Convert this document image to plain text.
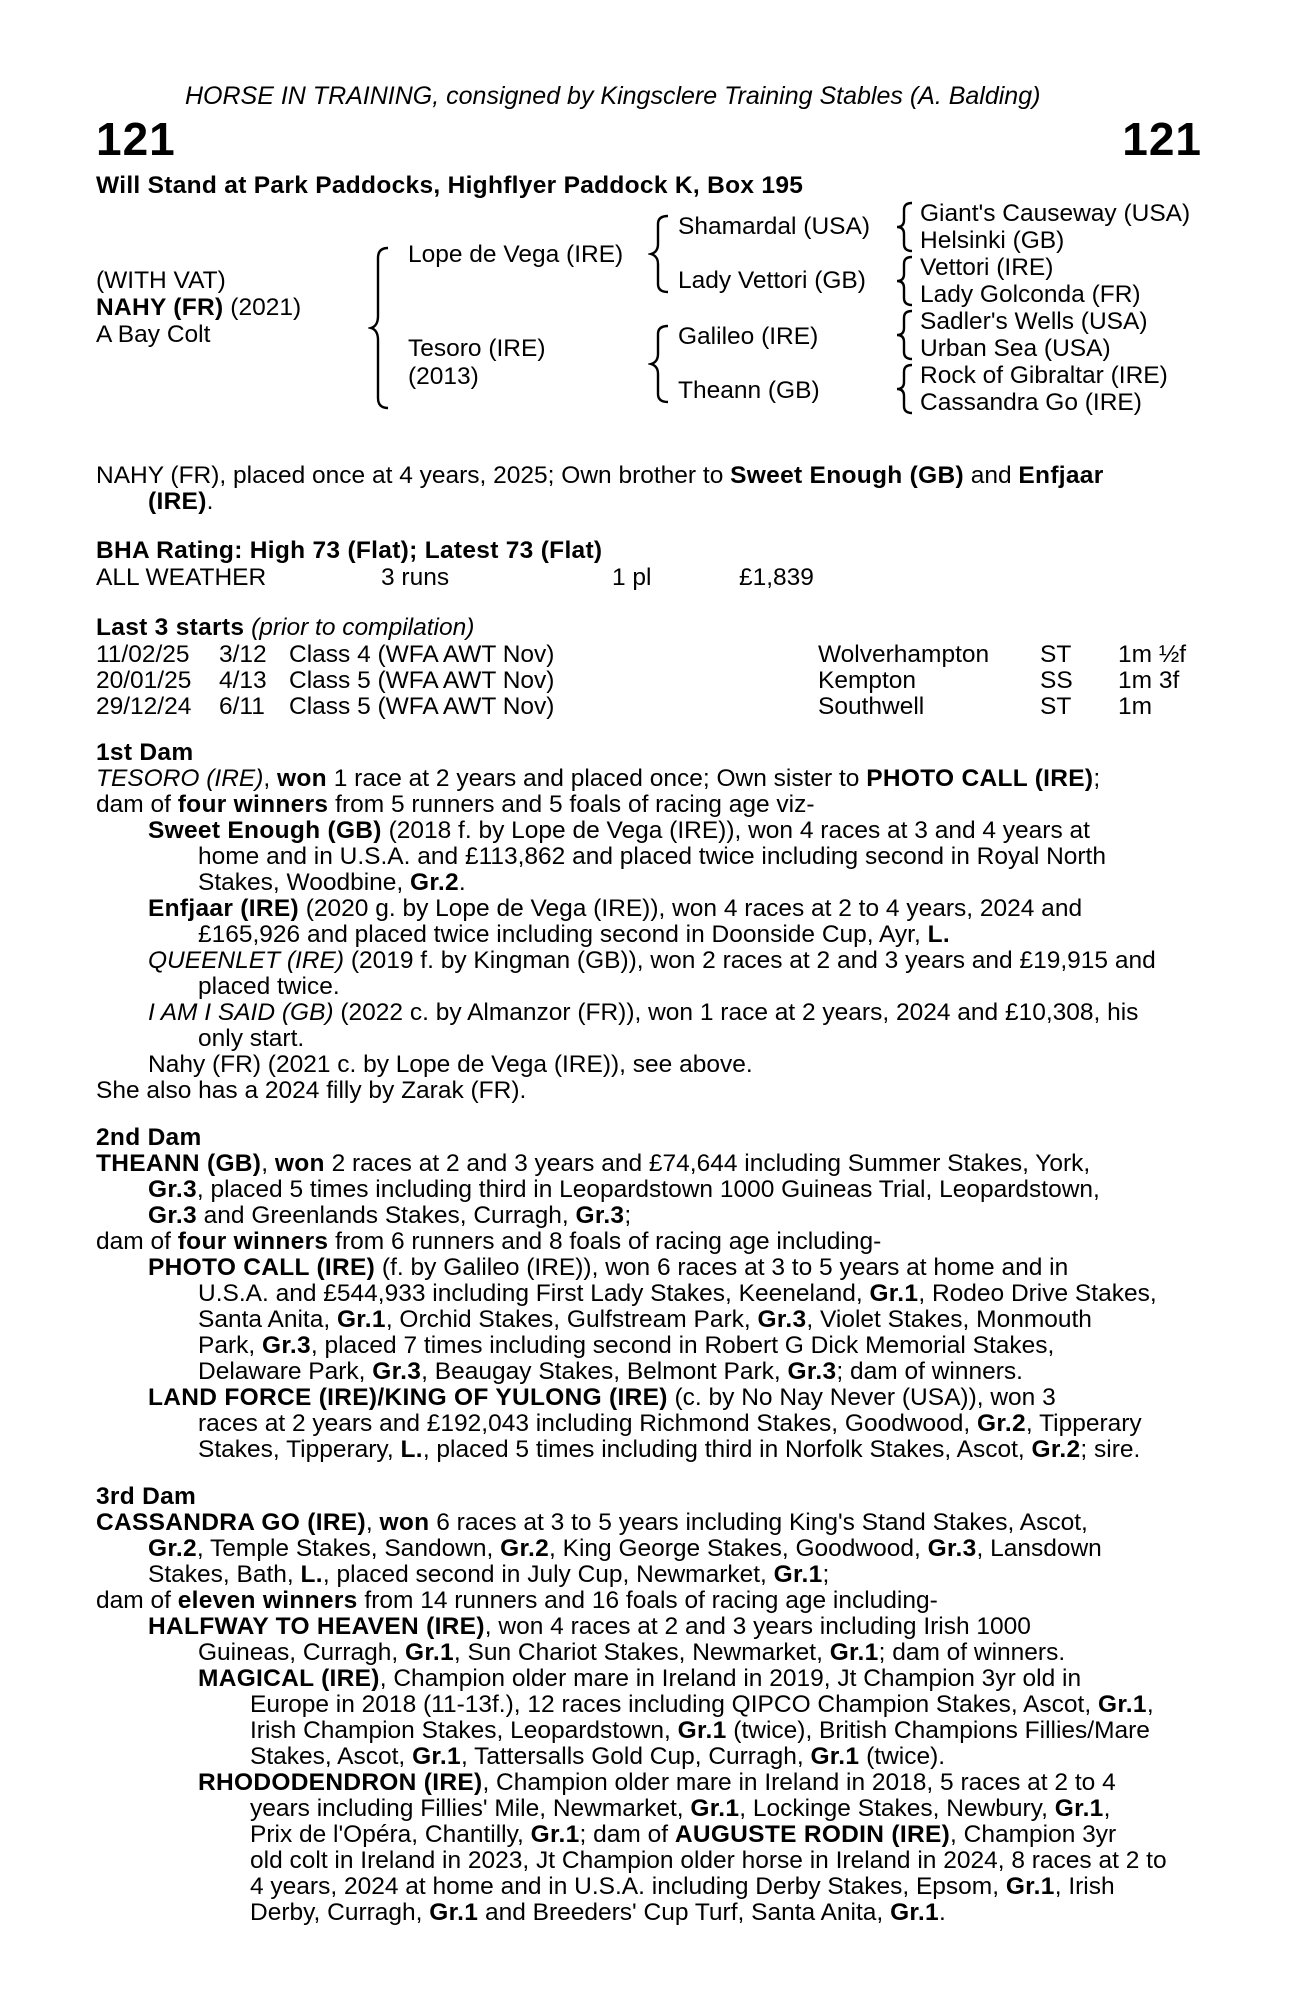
HORSE IN TRAINING, consigned by Kingsclere Training Stables (A. Balding)
121	121
Will Stand at Park Paddocks, Highflyer Paddock K, Box 195
(WITH VAT)
NAHY (FR) (2021)
A Bay Colt
Lope de Vega (IRE)
Tesoro (IRE)
(2013)
Shamardal (USA)
Lady Vettori (GB)
Galileo (IRE)
Theann (GB)
Giant's Causeway (USA)
Helsinki (GB)
Vettori (IRE)
Lady Golconda (FR)
Sadler's Wells (USA)
Urban Sea (USA)
Rock of Gibraltar (IRE)
Cassandra Go (IRE)
NAHY (FR), placed once at 4 years, 2025; Own brother to Sweet Enough (GB) and Enfjaar
(IRE).
BHA Rating: High 73 (Flat); Latest 73 (Flat)
ALL WEATHER	3 runs	1 pl	£1,839
Last 3 starts (prior to compilation)
11/02/25 3/12 Class 4 (WFA AWT Nov)	Wolverhampton ST 1m ½f
20/01/25 4/13 Class 5 (WFA AWT Nov)	Kempton	SS 1m 3f
29/12/24 6/11 Class 5 (WFA AWT Nov)	Southwell	ST 1m
1st Dam
TESORO (IRE), won 1 race at 2 years and placed once; Own sister to PHOTO CALL (IRE);
dam of four winners from 5 runners and 5 foals of racing age viz-
Sweet Enough (GB) (2018 f. by Lope de Vega (IRE)), won 4 races at 3 and 4 years at
home and in U.S.A. and £113,862 and placed twice including second in Royal North
Stakes, Woodbine, Gr.2.
Enfjaar (IRE) (2020 g. by Lope de Vega (IRE)), won 4 races at 2 to 4 years, 2024 and
£165,926 and placed twice including second in Doonside Cup, Ayr, L.
QUEENLET (IRE) (2019 f. by Kingman (GB)), won 2 races at 2 and 3 years and £19,915 and
placed twice.
I AM I SAID (GB) (2022 c. by Almanzor (FR)), won 1 race at 2 years, 2024 and £10,308, his
only start.
Nahy (FR) (2021 c. by Lope de Vega (IRE)), see above.
She also has a 2024 filly by Zarak (FR).
2nd Dam
THEANN (GB), won 2 races at 2 and 3 years and £74,644 including Summer Stakes, York,
Gr.3, placed 5 times including third in Leopardstown 1000 Guineas Trial, Leopardstown,
Gr.3 and Greenlands Stakes, Curragh, Gr.3;
dam of four winners from 6 runners and 8 foals of racing age including-
PHOTO CALL (IRE) (f. by Galileo (IRE)), won 6 races at 3 to 5 years at home and in
U.S.A. and £544,933 including First Lady Stakes, Keeneland, Gr.1, Rodeo Drive Stakes,
Santa Anita, Gr.1, Orchid Stakes, Gulfstream Park, Gr.3, Violet Stakes, Monmouth
Park, Gr.3, placed 7 times including second in Robert G Dick Memorial Stakes,
Delaware Park, Gr.3, Beaugay Stakes, Belmont Park, Gr.3; dam of winners.
LAND FORCE (IRE)/KING OF YULONG (IRE) (c. by No Nay Never (USA)), won 3
races at 2 years and £192,043 including Richmond Stakes, Goodwood, Gr.2, Tipperary
Stakes, Tipperary, L., placed 5 times including third in Norfolk Stakes, Ascot, Gr.2; sire.
3rd Dam
CASSANDRA GO (IRE), won 6 races at 3 to 5 years including King's Stand Stakes, Ascot,
Gr.2, Temple Stakes, Sandown, Gr.2, King George Stakes, Goodwood, Gr.3, Lansdown
Stakes, Bath, L., placed second in July Cup, Newmarket, Gr.1;
dam of eleven winners from 14 runners and 16 foals of racing age including-
HALFWAY TO HEAVEN (IRE), won 4 races at 2 and 3 years including Irish 1000
Guineas, Curragh, Gr.1, Sun Chariot Stakes, Newmarket, Gr.1; dam of winners.
MAGICAL (IRE), Champion older mare in Ireland in 2019, Jt Champion 3yr old in
Europe in 2018 (11-13f.), 12 races including QIPCO Champion Stakes, Ascot, Gr.1,
Irish Champion Stakes, Leopardstown, Gr.1 (twice), British Champions Fillies/Mare
Stakes, Ascot, Gr.1, Tattersalls Gold Cup, Curragh, Gr.1 (twice).
RHODODENDRON (IRE), Champion older mare in Ireland in 2018, 5 races at 2 to 4
years including Fillies' Mile, Newmarket, Gr.1, Lockinge Stakes, Newbury, Gr.1,
Prix de l'Opéra, Chantilly, Gr.1; dam of AUGUSTE RODIN (IRE), Champion 3yr
old colt in Ireland in 2023, Jt Champion older horse in Ireland in 2024, 8 races at 2 to
4 years, 2024 at home and in U.S.A. including Derby Stakes, Epsom, Gr.1, Irish
Derby, Curragh, Gr.1 and Breeders' Cup Turf, Santa Anita, Gr.1.
